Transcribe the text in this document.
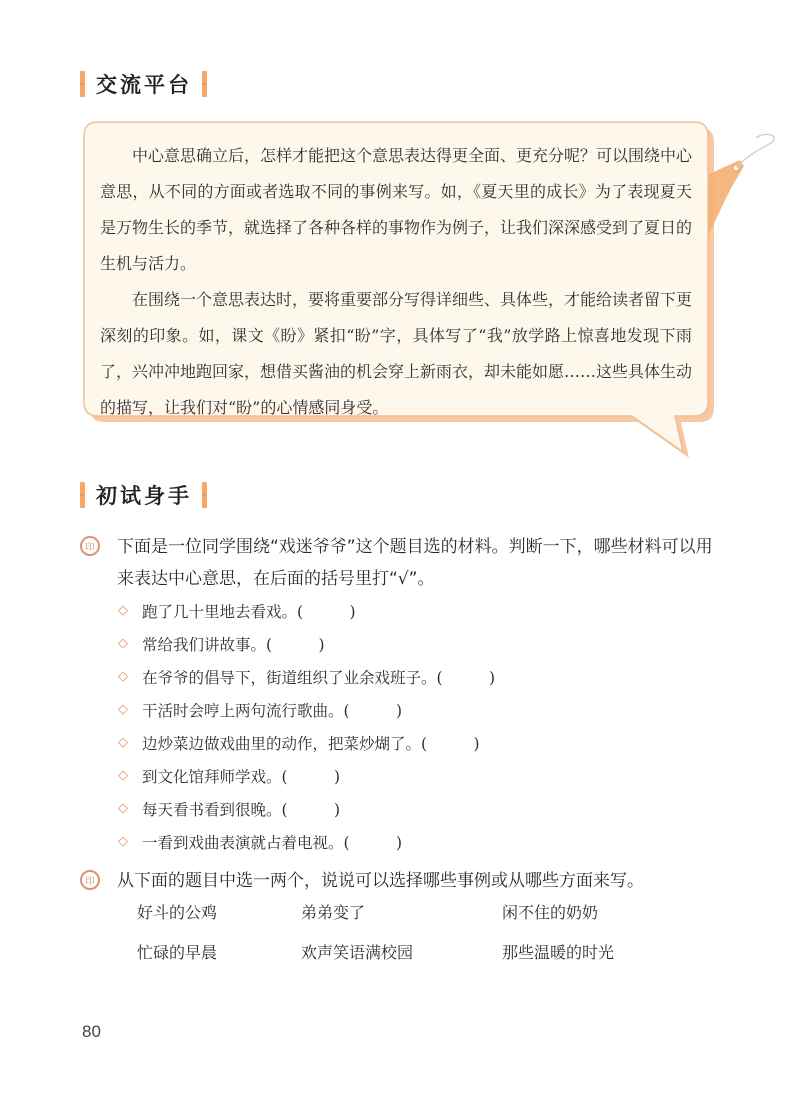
交流平台

中心意思确立后，怎样才能把这个意思表达得更全面、更充分呢？可以围绕中心意思，从不同的方面或者选取不同的事例来写。如，《夏天里的成长》为了表现夏天是万物生长的季节，就选择了各种各样的事物作为例子，让我们深深感受到了夏日的生机与活力。

在围绕一个意思表达时，要将重要部分写得详细些、具体些，才能给读者留下更深刻的印象。如，课文《盼》紧扣“盼”字，具体写了“我”放学路上惊喜地发现下雨了，兴冲冲地跑回家，想借买酱油的机会穿上新雨衣，却未能如愿……这些具体生动的描写，让我们对“盼”的心情感同身受。

初试身手
印	下面是一位同学围绕“戏迷爷爷”这个题目选的材料。判断一下，哪些材料可以用来表达中心意思，在后面的括号里打“√”。
◇ 跑了几十里地去看戏。(　　　)
◇ 常给我们讲故事。(　　　)
◇ 在爷爷的倡导下，街道组织了业余戏班子。(　　　)
◇ 干活时会哼上两句流行歌曲。(　　　)
◇ 边炒菜边做戏曲里的动作，把菜炒煳了。(　　　)
◇ 到文化馆拜师学戏。(　　　)
◇ 每天看书看到很晚。(　　　)
◇ 一看到戏曲表演就占着电视。(　　　)
印	从下面的题目中选一两个，说说可以选择哪些事例或从哪些方面来写。
好斗的公鸡	弟弟变了	闲不住的奶奶
忙碌的早晨	欢声笑语满校园	那些温暖的时光
80
